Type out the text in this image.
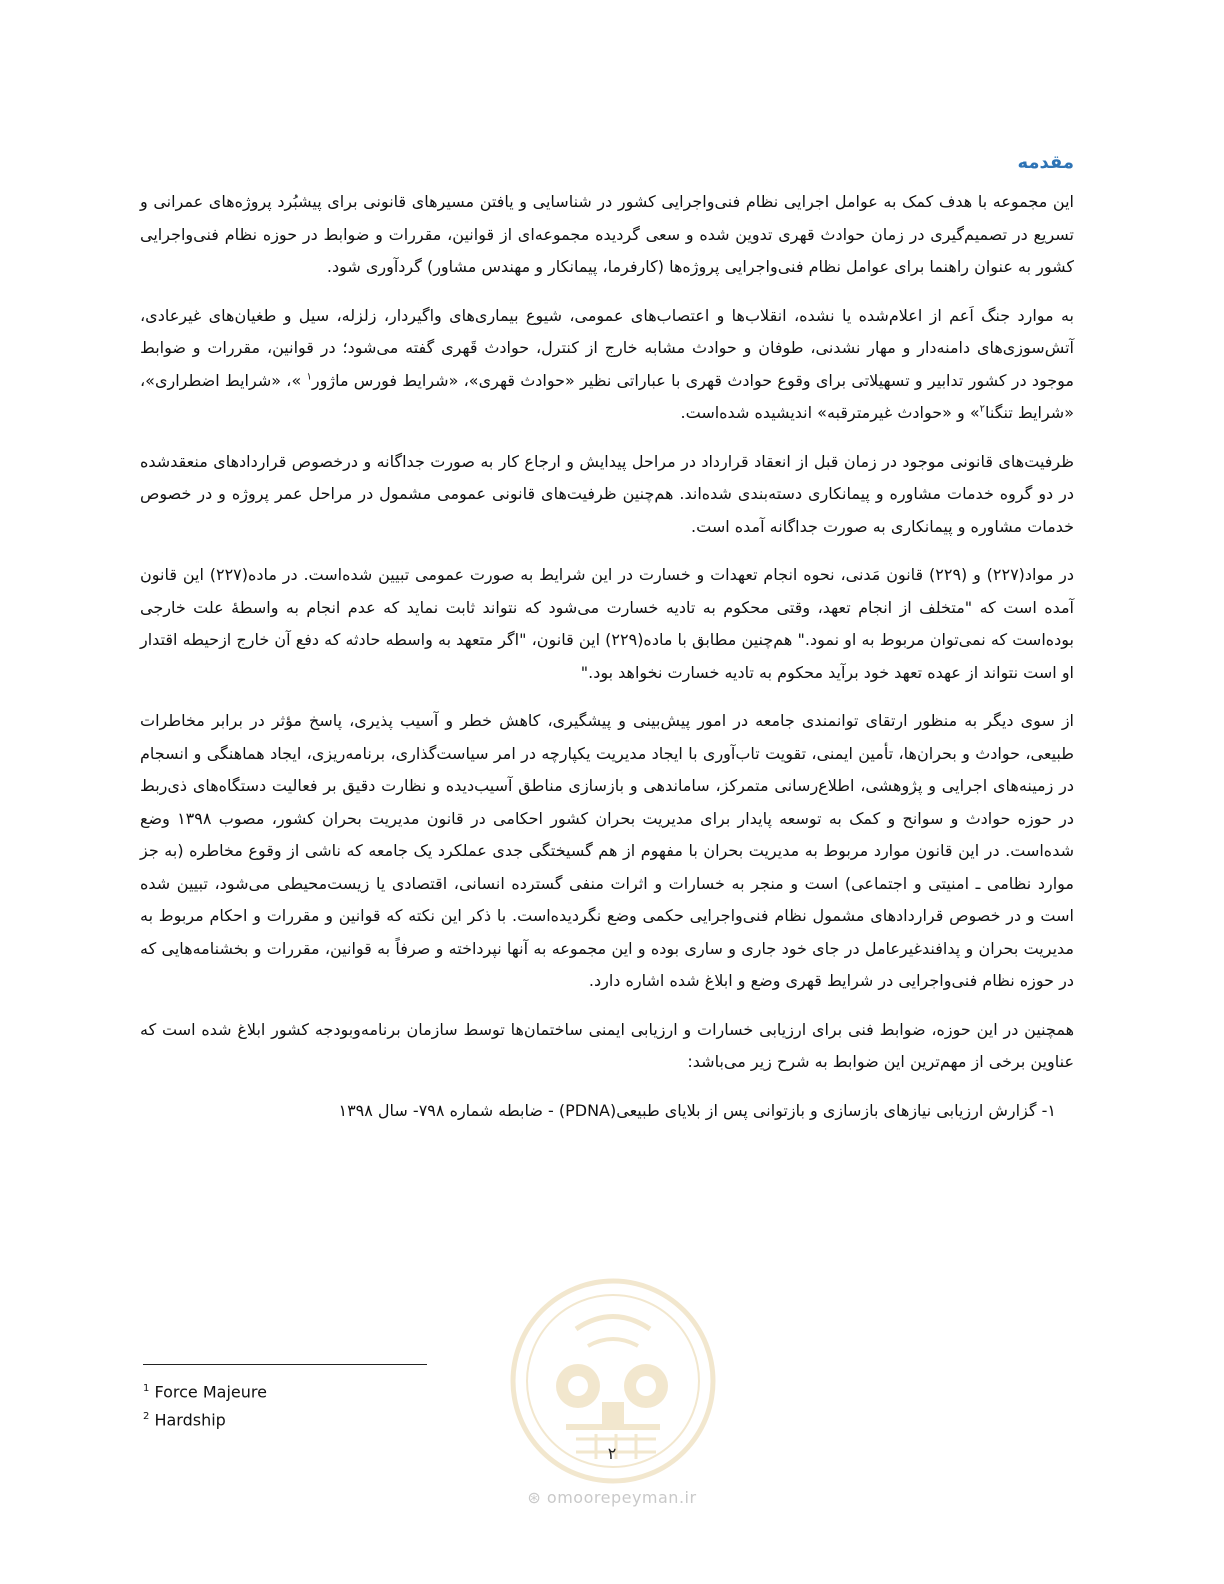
مقدمه

این مجموعه با هدف کمک به عوامل اجرایی نظام فنی‌واجرایی کشور در شناسایی و یافتن مسیرهای قانونی برای پیشبُرد پروژه‌های عمرانی و تسریع در تصمیم‌گیری در زمان حوادث قهری تدوین شده و سعی گردیده مجموعه‌ای از قوانین، مقررات و ضوابط در حوزه نظام فنی‌واجرایی کشور به عنوان راهنما برای عوامل نظام فنی‌واجرایی پروژه‌ها (کارفرما، پیمانکار و مهندس مشاور) گردآوری شود.

به موارد جنگ اَعم از اعلام‌شده یا نشده، انقلاب‌ها و اعتصاب‌های عمومی، شیوع بیماری‌های واگیردار، زلزله، سیل و طغیان‌های غیرعادی، آتش‌سوزی‌های دامنه‌دار و مهار نشدنی، طوفان و حوادث مشابه خارج از کنترل، حوادث قَهری گفته می‌شود؛ در قوانین، مقررات و ضوابط موجود در کشور تدابیر و تسهیلاتی برای وقوع حوادث قهری با عباراتی نظیر «حوادث قهری»، «شرایط فورس ماژور$^۱$ »، «شرایط اضطراری»، «شرایط تنگنا$^۲$» و «حوادث غیرمترقبه» اندیشیده شده‌است.

ظرفیت‌های قانونی موجود در زمان قبل از انعقاد قرارداد در مراحل پیدایش و ارجاع کار به صورت جداگانه و درخصوص قراردادهای منعقدشده در دو گروه خدمات مشاوره و پیمانکاری دسته‌بندی شده‌اند. هم‌چنین ظرفیت‌های قانونی عمومی مشمول در مراحل عمر پروژه و در خصوص خدمات مشاوره و پیمانکاری به صورت جداگانه آمده است.

در مواد(۲۲۷) و (۲۲۹) قانون مَدنی، نحوه انجام تعهدات و خسارت در این شرایط به صورت عمومی تبیین شده‌است. در ماده(۲۲۷) این قانون آمده است که "متخلف از انجام تعهد، وقتی محکوم به تادیه خسارت می‌شود که نتواند ثابت نماید که عدم انجام به واسطهٔ علت خارجی بوده‌است که نمی‌توان مربوط به او نمود." هم‌چنین مطابق با ماده(۲۲۹) این قانون، "اگر متعهد به واسطه حادثه که دفع آن خارج ازحیطه اقتدار او است نتواند از عهده تعهد خود برآید محکوم به تادیه خسارت نخواهد بود."

از سوی دیگر به منظور ارتقای توانمندی جامعه در امور پیش‌بینی و پیشگیری، کاهش خطر و آسیب پذیری، پاسخ مؤثر در برابر مخاطرات طبیعی، حوادث و بحران‌ها، تأمین ایمنی، تقویت تاب‌آوری با ایجاد مدیریت یکپارچه در امر سیاست‌گذاری، برنامه‌ریزی، ایجاد هماهنگی و انسجام در زمینه‌های اجرایی و پژوهشی، اطلاع‌رسانی متمرکز، ساماندهی و بازسازی مناطق آسیب‌دیده و نظارت دقیق بر فعالیت دستگاه‌های ذی‌ربط در حوزه حوادث و سوانح و کمک به توسعه پایدار برای مدیریت بحران کشور احکامی در قانون مدیریت بحران کشور، مصوب ۱۳۹۸ وضع شده‌است. در این قانون موارد مربوط به مدیریت بحران با مفهوم از هم گسیختگی جدی عملکرد یک جامعه که ناشی از وقوع مخاطره (به جز موارد نظامی ـ امنیتی و اجتماعی) است و منجر به خسارات و اثرات منفی گسترده انسانی، اقتصادی یا زیست‌محیطی می‌شود، تبیین شده است و در خصوص قراردادهای مشمول نظام فنی‌واجرایی حکمی وضع نگردیده‌است. با ذکر این نکته که قوانین و مقررات و احکام مربوط به مدیریت بحران و پدافندغیرعامل در جای خود جاری و ساری بوده و این مجموعه به آنها نپرداخته و صرفاً به قوانین، مقررات و بخشنامه‌هایی که در حوزه نظام فنی‌واجرایی در شرایط قهری وضع و ابلاغ شده اشاره دارد.

همچنین در این حوزه، ضوابط فنی برای ارزیابی خسارات و ارزیابی ایمنی ساختمان‌ها توسط سازمان برنامه‌وبودجه کشور ابلاغ شده است که عناوین برخی از مهم‌ترین این ضوابط به شرح زیر می‌باشد:

۱- گزارش ارزیابی نیازهای بازسازی و بازتوانی پس از بلایای طبیعی(PDNA) - ضابطه شماره ۷۹۸- سال ۱۳۹۸
$^1$ Force Majeure
$^2$ Hardship
۲
⊛ omoorepeyman.ir
